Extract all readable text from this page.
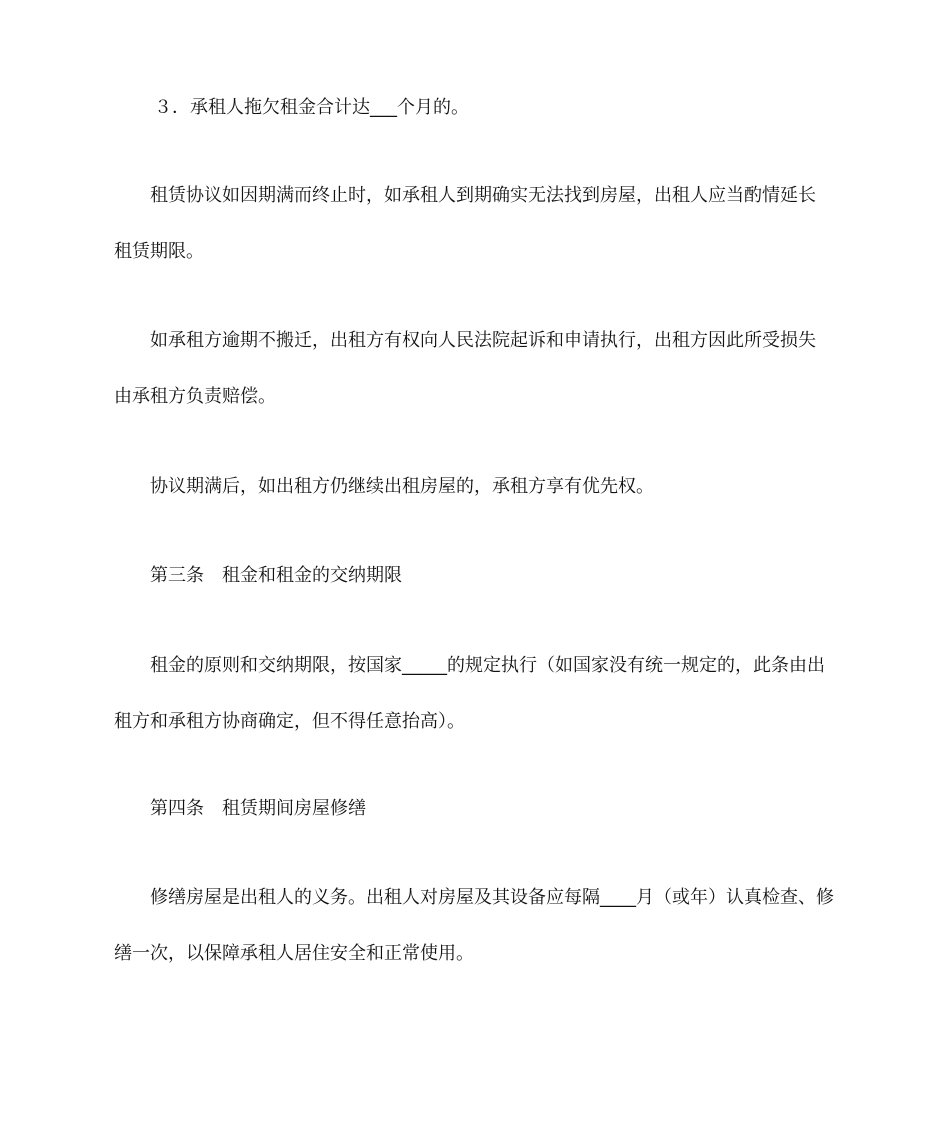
３．承租人拖欠租金合计达___个月的。
租赁协议如因期满而终止时，如承租人到期确实无法找到房屋，出租人应当酌情延长
租赁期限。
如承租方逾期不搬迁，出租方有权向人民法院起诉和申请执行，出租方因此所受损失
由承租方负责赔偿。
协议期满后，如出租方仍继续出租房屋的，承租方享有优先权。
第三条　租金和租金的交纳期限
租金的原则和交纳期限，按国家_____的规定执行（如国家没有统一规定的，此条由出
租方和承租方协商确定，但不得任意抬高）。
第四条　租赁期间房屋修缮
修缮房屋是出租人的义务。出租人对房屋及其设备应每隔____月（或年）认真检查、修
缮一次，以保障承租人居住安全和正常使用。
